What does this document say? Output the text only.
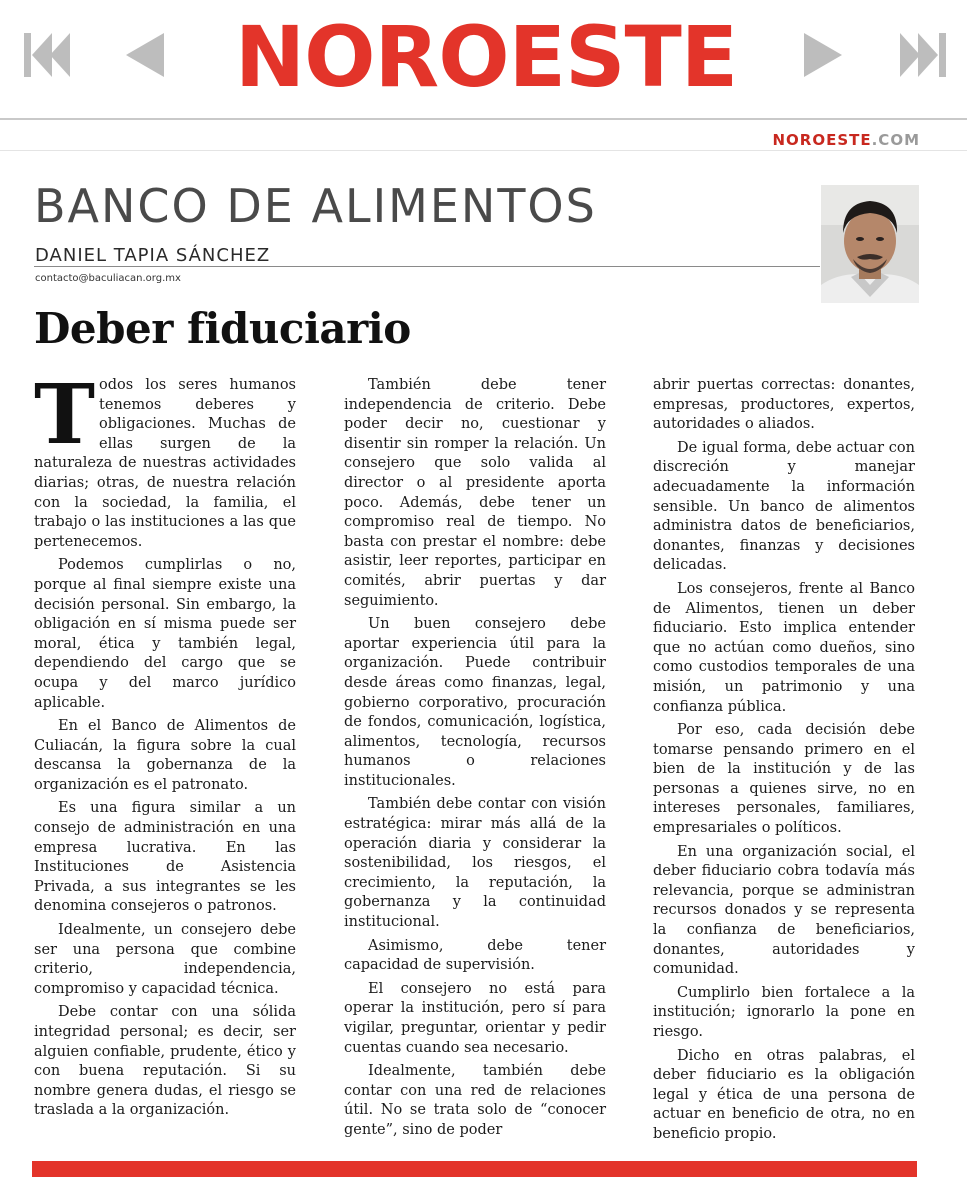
NOROESTE
NOROESTE.COM
BANCO DE ALIMENTOS
DANIEL TAPIA SÁNCHEZ
contacto@baculiacan.org.mx
Deber fiduciario

Todos los seres humanos tenemos deberes y obligaciones. Muchas de ellas surgen de la naturaleza de nuestras actividades diarias; otras, de nuestra relación con la sociedad, la familia, el trabajo o las instituciones a las que pertenecemos.

Podemos cumplirlas o no, porque al final siempre existe una decisión personal. Sin embargo, la obligación en sí misma puede ser moral, ética y también legal, dependiendo del cargo que se ocupa y del marco jurídico aplicable.

En el Banco de Alimentos de Culiacán, la figura sobre la cual descansa la gobernanza de la organización es el patronato.

Es una figura similar a un consejo de administración en una empresa lucrativa. En las Instituciones de Asistencia Privada, a sus integrantes se les denomina consejeros o patronos.

Idealmente, un consejero debe ser una persona que combine criterio, independencia, compromiso y capacidad técnica.

Debe contar con una sólida integridad personal; es decir, ser alguien confiable, prudente, ético y con buena reputación. Si su nombre genera dudas, el riesgo se traslada a la organización.

También debe tener independencia de criterio. Debe poder decir no, cuestionar y disentir sin romper la relación. Un consejero que solo valida al director o al presidente aporta poco. Además, debe tener un compromiso real de tiempo. No basta con prestar el nombre: debe asistir, leer reportes, participar en comités, abrir puertas y dar seguimiento.

Un buen consejero debe aportar experiencia útil para la organización. Puede contribuir desde áreas como finanzas, legal, gobierno corporativo, procuración de fondos, comunicación, logística, alimentos, tecnología, recursos humanos o relaciones institucionales.

También debe contar con visión estratégica: mirar más allá de la operación diaria y considerar la sostenibilidad, los riesgos, el crecimiento, la reputación, la gobernanza y la continuidad institucional.

Asimismo, debe tener capacidad de supervisión.

El consejero no está para operar la institución, pero sí para vigilar, preguntar, orientar y pedir cuentas cuando sea necesario.

Idealmente, también debe contar con una red de relaciones útil. No se trata solo de “conocer gente”, sino de poder

abrir puertas correctas: donantes, empresas, productores, expertos, autoridades o aliados.

De igual forma, debe actuar con discreción y manejar adecuadamente la información sensible. Un banco de alimentos administra datos de beneficiarios, donantes, finanzas y decisiones delicadas.

Los consejeros, frente al Banco de Alimentos, tienen un deber fiduciario. Esto implica entender que no actúan como dueños, sino como custodios temporales de una misión, un patrimonio y una confianza pública.

Por eso, cada decisión debe tomarse pensando primero en el bien de la institución y de las personas a quienes sirve, no en intereses personales, familiares, empresariales o políticos.

En una organización social, el deber fiduciario cobra todavía más relevancia, porque se administran recursos donados y se representa la confianza de beneficiarios, donantes, autoridades y comunidad.

Cumplirlo bien fortalece a la institución; ignorarlo la pone en riesgo.

Dicho en otras palabras, el deber fiduciario es la obligación legal y ética de una persona de actuar en beneficio de otra, no en beneficio propio.
